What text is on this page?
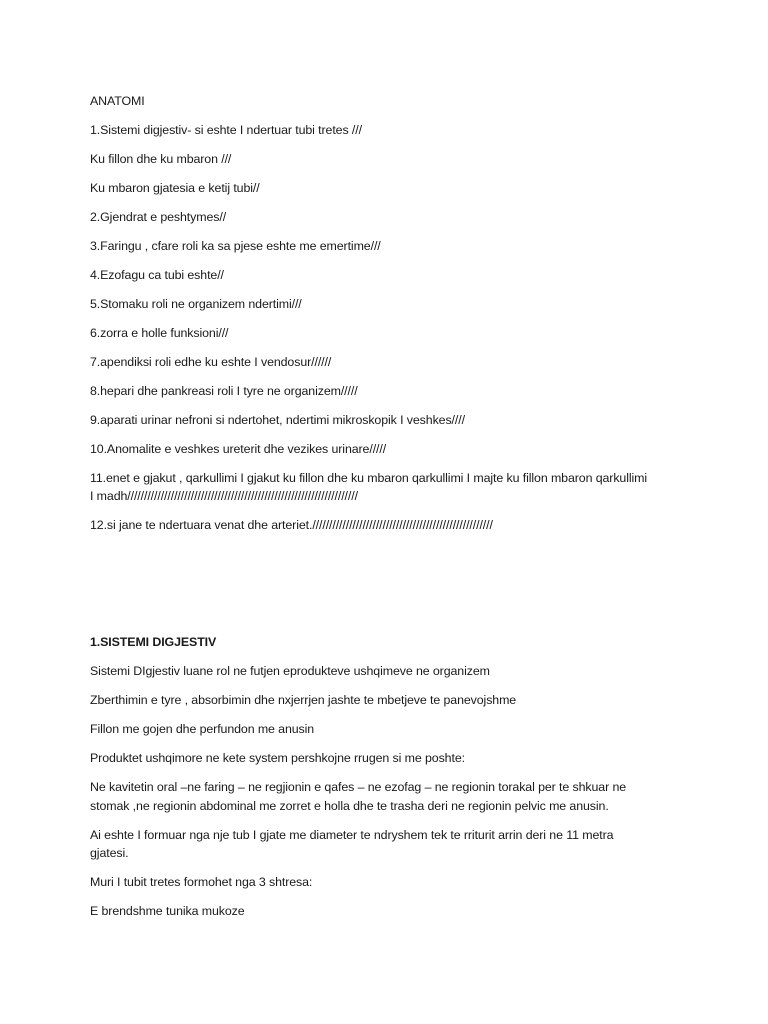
ANATOMI
1.Sistemi digjestiv- si eshte I ndertuar tubi tretes ///
Ku fillon dhe ku mbaron ///
Ku mbaron gjatesia e ketij tubi//
2.Gjendrat e peshtymes//
3.Faringu , cfare roli ka sa pjese eshte me emertime///
4.Ezofagu ca tubi eshte//
5.Stomaku roli ne organizem ndertimi///
6.zorra e holle funksioni///
7.apendiksi roli edhe ku eshte I vendosur//////
8.hepari dhe pankreasi roli I tyre ne organizem/////
9.aparati urinar nefroni si ndertohet, ndertimi mikroskopik I veshkes////
10.Anomalite e veshkes ureterit dhe vezikes urinare/////
11.enet e gjakut , qarkullimi I gjakut ku fillon dhe ku mbaron qarkullimi I majte ku fillon mbaron qarkullimi I madh/////////////////////////////////////////////////////////////////////
12.si jane te ndertuara venat dhe arteriet.//////////////////////////////////////////////////////
1.SISTEMI DIGJESTIV
Sistemi DIgjestiv luane rol ne futjen eprodukteve ushqimeve ne organizem
Zberthimin e tyre , absorbimin dhe nxjerrjen jashte te mbetjeve te panevojshme
Fillon me gojen dhe perfundon me anusin
Produktet ushqimore ne kete system pershkojne rrugen si me poshte:
Ne kavitetin oral –ne faring – ne regjionin e qafes – ne ezofag – ne regionin torakal per te shkuar ne stomak ,ne regionin abdominal me zorret e holla dhe te trasha deri ne regionin pelvic me anusin.
Ai eshte I formuar nga nje tub I gjate me diameter te ndryshem tek te rriturit arrin deri ne 11 metra gjatesi.
Muri I tubit tretes formohet nga 3 shtresa:
E brendshme tunika mukoze
